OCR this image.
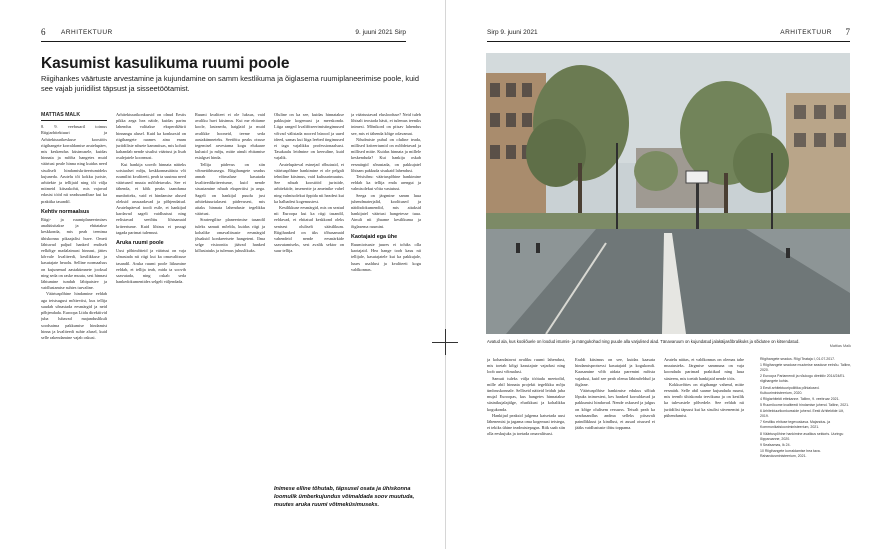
6 ARHITEKTUUR	9. juuni 2021 Sirp
Kasumist kasulikuma ruumi poole
Riigihankes väärtuste arvestamine ja kujundamine on samm kestlikuma ja õiglasema ruumiplaneerimise poole, kuid see vajab juriidilist täpsust ja sisseetöötamist.

MATTIAS MALK

8. 9. veebruaril toimus Riigiarhitektuuri ja Arhitektuurikeskuse koostöös riigihangete korraldamise arutelupäev, mis keskendus küsimusele, kuidas hinnata ja mõõta hangetes muid väärtusi peale hinna ning kuidas need sisuliselt hindamiskriteeriumideks kujuneda. Arutelu tõi kokku juriste, arhitekte ja tellijaid ning tõi välja mitmeid kitsaskohti, mis vajavad edasist tööd nii seadusandluse kui ka praktika tasandil.

Kehtiv normaalsus

Riigi- ja ruumiplaneerimises analüüsitakse ja ehitatakse keskkonda, mis peab teenima ühiskonna pikaajalisi huve. Ometi lähtuvad paljud hanked endiselt eelkõige madalaimast hinnast, jättes kõrvale kvaliteedi, kestlikkuse ja kasutajate heaolu. Selline normaalsus on kujunenud aastakümnete jooksul ning seda on raske muuta, sest hinnast lähtumine tundub läbipaistev ja vaidlustamise suhtes turvaline.

Väärtuspõhine hindamine eeldab aga teistsugust mõtteviisi, kus tellija suudab sõnastada eesmärgid ja neid põhjendada. Euroopa Liidu direktiivid juba lubavad majanduslikult soodsaima pakkumise hindamist hinna ja kvaliteedi suhte alusel, kuid selle rakendamine vajab oskusi.

Arhitektuurikonkursid on olnud Eestis pikka aega hea näide, kuidas parim lahendus valitakse eksperdižürii hinnangu alusel. Kuid ka konkursid on riigihangete raames aina enam juriidiliste nõuete kammitsas, mis kohati kahandab nende sisulist väärtust ja lisab osalejatele koormust.

Kui hankija soovib hinnata näiteks sotsiaalset mõju, keskkonnasäästu või ruumilist kvaliteeti, peab ta suutma need väärtused muuta mõõdetavaks. See ei tähenda, et kõik peaks taanduma numbriteks, vaid et hindamise alused oleksid arusaadavad ja põhjendatud. Arutelupäeval toodi esile, et hankijad kardavad sageli vaidlustusi ning eelistavad seetõttu lihtsamaid kriteeriume. Kuid lihtsus ei pruugi tagada parimat tulemust.

Aruka ruumi poole

Uusi põhimõtteid ja väärtusi on vaja sõnastada nii riigi kui ka omavalitsuse tasandil. Aruka ruumi poole liikumine eeldab, et tellija teab, mida ta soovib saavutada, ning oskab seda hankedokumentides selgelt väljendada.

Ruumi kvaliteet ei ole luksus, vaid avaliku huvi küsimus. Kui me ehitame koole, lasteaedu, haiglaid ja muid avalikke hooneid, teeme seda aastakümneteks. Seetõttu peaks otsuse tegemisel arvestama kogu elukaare kulusid ja mõju, mitte ainult ehitamise esialgset hinda.

Tellija pädevus on siin võtmetähtsusega. Riigihangete seadus annab võimaluse kasutada kvaliteedikriteeriume, kuid nende sisustamine nõuab ekspertiisi ja aega. Sageli on hankijal puudu just arhitektuurialasest pädevusest, mis aitaks hinnata lahenduste tegelikku väärtust.

Strateegilise planeerimise tasandil tuleks samuti mõelda, kuidas riigi ja kohalike omavalitsuste eesmärgid jõuaksid konkreetsete hangeteni. Ilma selge visioonita jäävad hanked killustatuks ja tulemus juhuslikuks.

Oluline on ka see, kuidas hinnatakse pakkujate kogemust ja meeskonda. Liiga ranged kvalifitseerimistingimused võivad välistada noored bürood ja uued ideed, samas kui liiga leebed tingimused ei taga vajalikku professionaalsust. Tasakaalu leidmine on keeruline, kuid vajalik.

Arutelupäeval esinejad rõhutasid, et väärtuspõhine hankimine ei ole pelgalt tehniline küsimus, vaid kultuurimuutus. See nõuab koostööd juristide, arhitektide, insenerite ja ametnike vahel ning valmisolekut õppida nii headest kui ka halbadest kogemustest.

Kestlikkuse eesmärgid, mis on seatud nii Euroopa kui ka riigi tasandil, eeldavad, et ehitatud keskkond oleks senisest oluliselt säästlikum. Riigihanked on üks tõhusamaid vahendeid nende eesmärkide saavutamiseks, sest avalik sektor on suur tellija.

ja väärtustavad eluslooduse? Neid tuleb lihtsalt teostada hästi, et tulemus teeniks inimesi. Mõnikord on piisav lahendus see, mis ei tähenda kõige odavamat.

Nõudmiste puhul on oluline teada, millised kriteeriumid on mõõdetavad ja millised mitte. Kuidas hinnata ja millele keskenduda? Kui hankija oskab eesmärgid sõnastada, on pakkujatel lihtsam pakkuda sisukaid lahendusi.

Teisisõnu: väärtuspõhine hankimine eeldab ka tellija enda arengut ja valmisolekut võtta vastutust.

Seega on järgmine samm luua juhendmaterjalid, koolitused ja näidisdokumendid, mis aitaksid hankijatel väärtusi hangetesse tuua. Ainult nii jõuame kestlikuma ja õiglasema ruumini.

Kaotajaid ega ühe

Ruumiotsuste juures ei tohiks olla kaotajaid. Hea hange toob kasu nii tellijale, kasutajatele kui ka pakkujale, luues usaldust ja kvaliteeti kogu valdkonnas.

Inimese elline tõhutab, täpsusel osata ja ühiskonna loomulik ümberkujundus võimaldada soov muutuda, muutes aruka ruumi võtmeküsimuseks.
Sirp 9. juuni 2021	ARHITEKTUUR 7
Avatud ala, kus kooliõuele on loodud istumis- ja mängukohad ning puude alla varjulised alad. Tänavaruum on kujundatud jalakäijasõbralikuks ja sõidutee on kitsendatud.
Mattias Malk

ja kohandatavat avaliku ruumi lahendust, mis toetab kõigi kasutajate vajadusi ning loob uusi võimalusi.

Samuti tuleks välja töötada meetodid, mille abil hinnata projekti tegelikku mõju ümbruskonnale. Selliseid näiteid leidub juba mujal Euroopas, kus hangetes hinnatakse süsinikujalajälge, elurikkust ja kohalikku kogukonda.

Hankijad peaksid julgema katsetada uusi lähenemisi ja jagama oma kogemusi teistega, et tekiks ühine teadmistepagas. Riik saab siin olla eeskujuks ja toetada omavalitsusi.

Eraldi küsimus on see, kuidas kaasata hindamisprotsessi kasutajaid ja kogukondi. Kaasamine võib aidata paremini mõista vajadusi, kuid see peab olema läbimõeldud ja õiglane.

Väärtuspõhise hankimise edukus sõltub lõpuks inimestest, kes hanked korraldavad ja pakkumisi hindavad. Nende oskused ja julgus on kõige olulisem ressurss. Teisalt peab ka seadusandlus andma selleks piisavalt paindlikkust ja kindlust, et ausad otsused ei jääks vaidlustuste tõttu toppama.

Arutelu näitas, et valdkonnas on olemas tahe muutusteks. Järgmise sammuna on vaja koondada parimad praktikad ning luua süsteem, mis toetab hankijaid nende töös.

Kokkuvõttes on riigihange vahend, mitte eesmärk. Selle abil saame kujundada ruumi, mis teenib ühiskonda tervikuna ja on kestlik ka tulevastele põlvedele. See eeldab nii juriidilist täpsust kui ka sisulist süvenemist ja pühendumist.

Riigihangete seadus. Riigi Teataja I, 01.07.2017.
1 Riigihangete seaduse muutmise seaduse eelnõu. Tallinn, 2020.
2 Euroopa Parlamendi ja nõukogu direktiiv 2014/24/EL riigihangete kohta.
3 Eesti arhitektuuripoliitika põhialused. Kultuuriministeerium, 2020.
4 Riigiarhitekti ettekanne. Tallinn, 9. veebruar 2021.
5 Ruumiloome kvaliteedi hindamise juhend. Tallinn, 2021.
6 Arhitektuurikonkursside juhend. Eesti Arhitektide Liit, 2019.
7 Kestliku ehituse tegevuskava. Majandus- ja Kommunikatsiooniministeerium, 2021.
8 Väärtuspõhine hankimine avalikus sektoris. Uuringu lõpparuanne, 2020.
9 Sealsamas, lk 24.
10 Riigihangete korraldamise hea tava. Rahandusministeerium, 2021.
